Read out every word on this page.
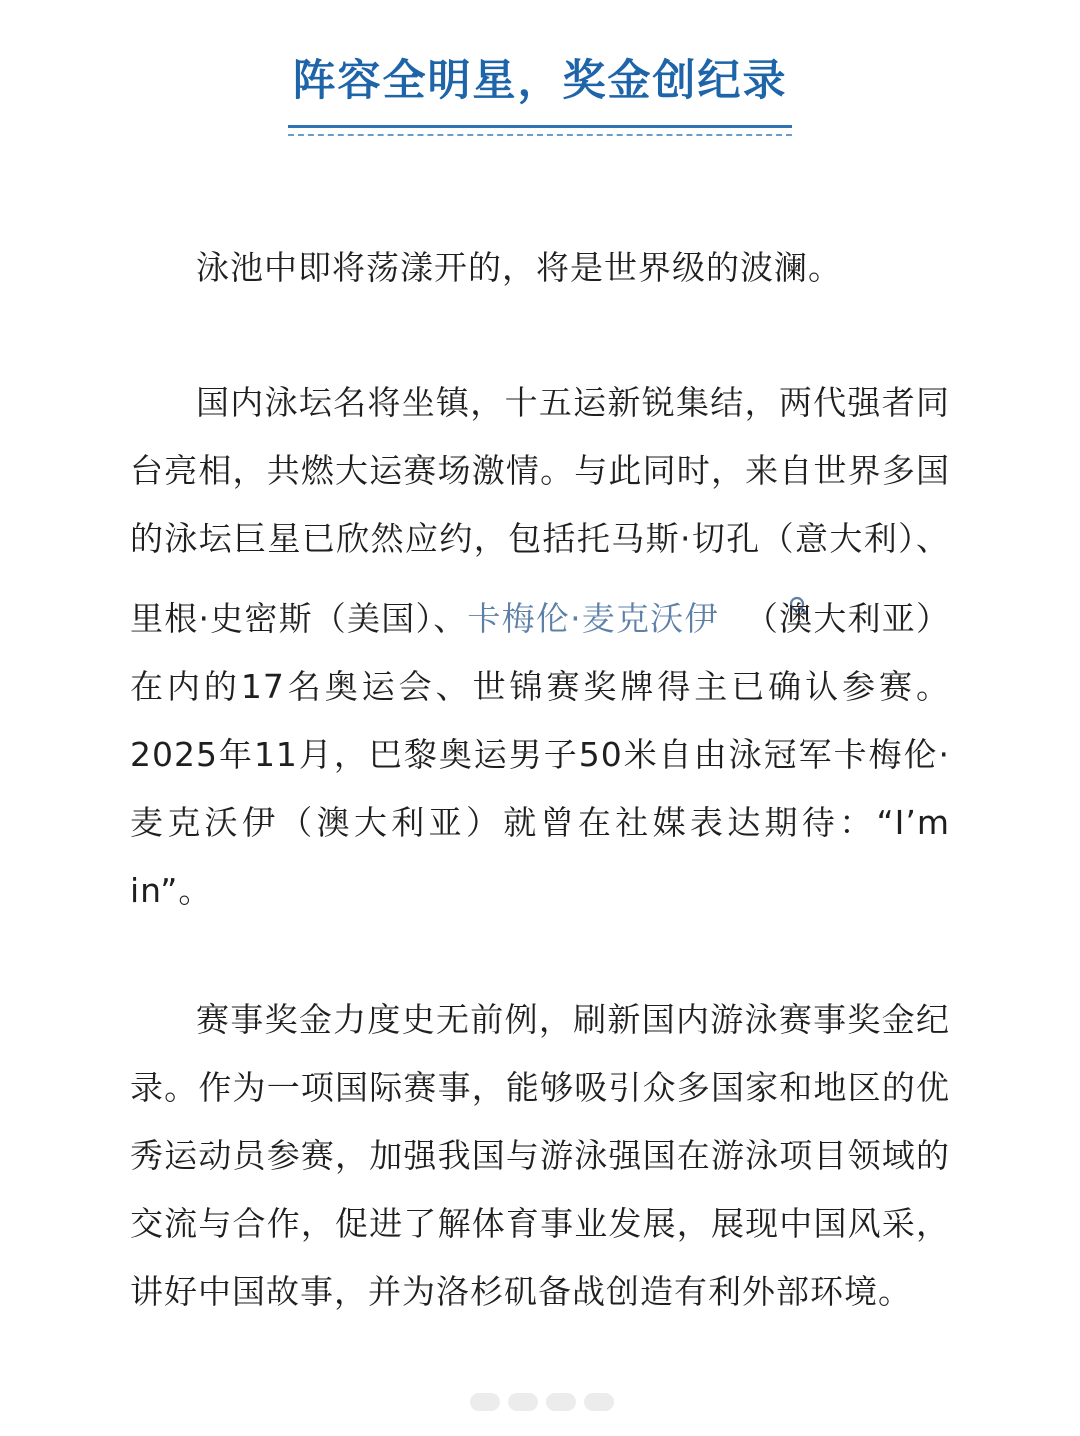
阵容全明星，奖金创纪录
泳池中即将荡漾开的，将是世界级的波澜。
国内泳坛名将坐镇，十五运新锐集结，两代强者同台亮相，共燃大运赛场激情。与此同时，来自世界多国的泳坛巨星已欣然应约，包括托马斯·切孔（意大利）、里根·史密斯（美国）、卡梅伦·麦克沃伊 （澳大利亚）在内的17名奥运会、世锦赛奖牌得主已确认参赛。2025年11月，巴黎奥运男子50米自由泳冠军卡梅伦·麦克沃伊（澳大利亚）就曾在社媒表达期待：“I’m in”。
赛事奖金力度史无前例，刷新国内游泳赛事奖金纪录。作为一项国际赛事，能够吸引众多国家和地区的优秀运动员参赛，加强我国与游泳强国在游泳项目领域的交流与合作，促进了解体育事业发展，展现中国风采，讲好中国故事，并为洛杉矶备战创造有利外部环境。
